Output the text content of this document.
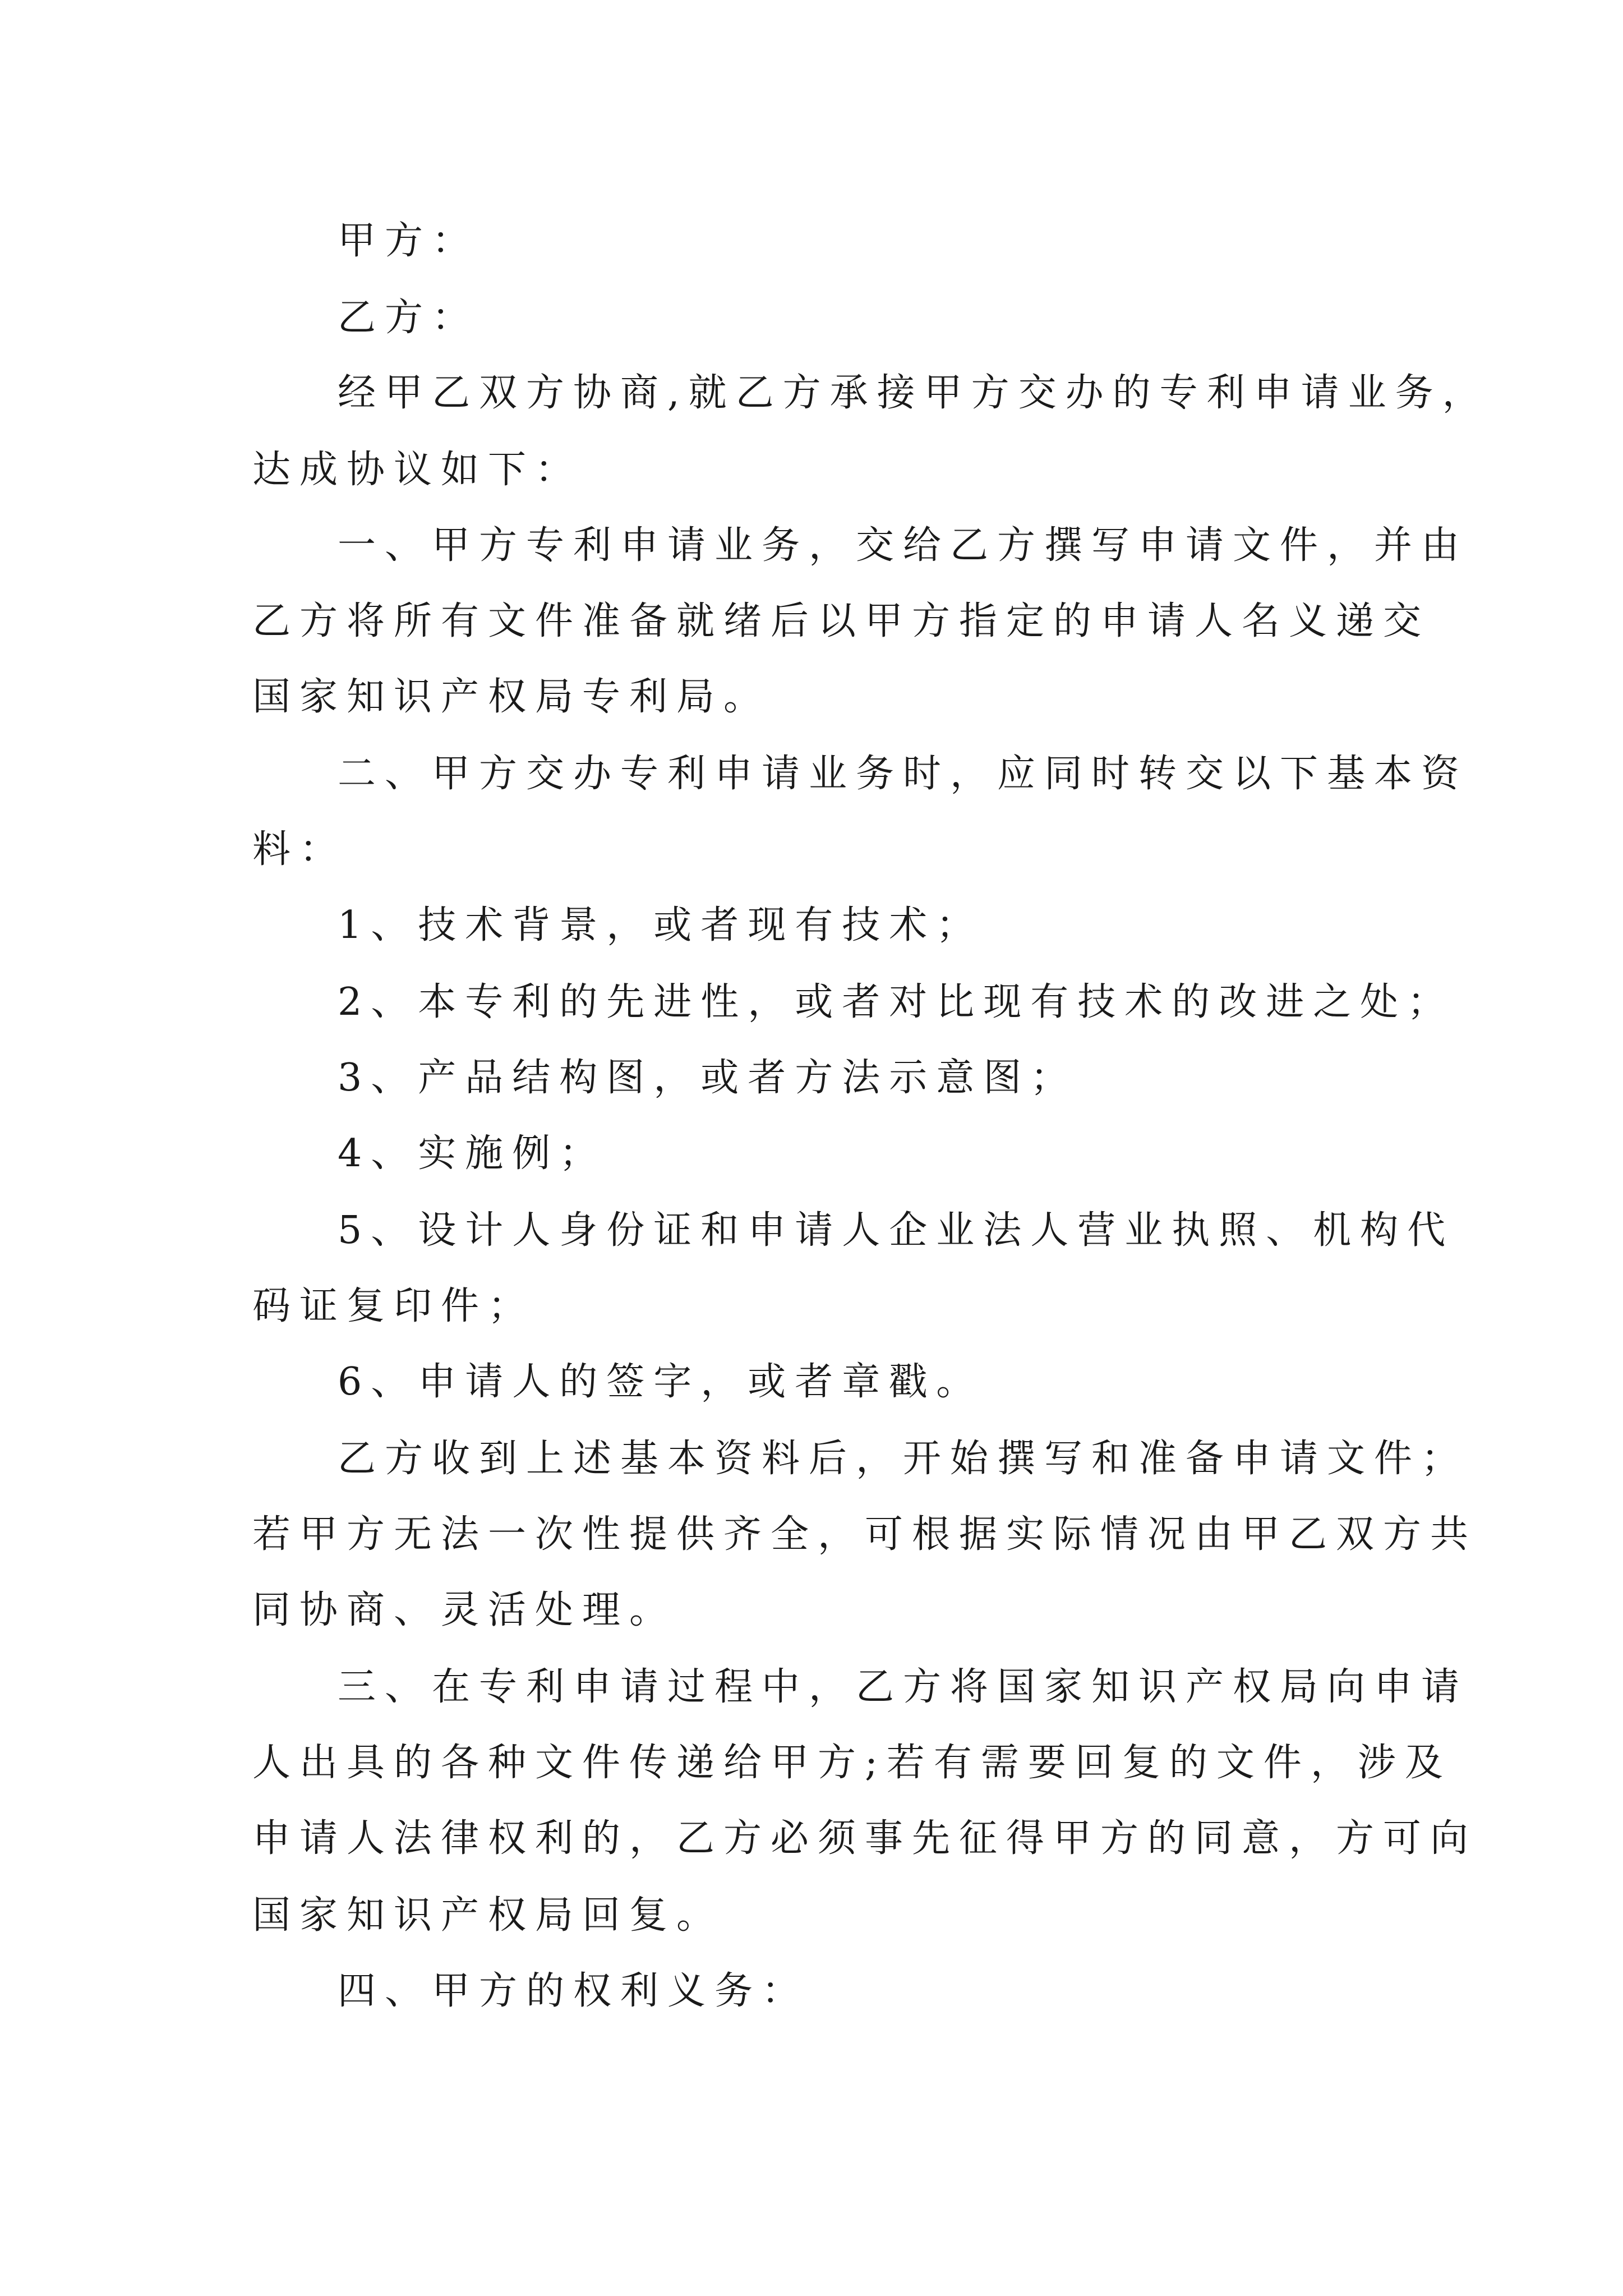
甲方：
乙方：
经甲乙双方协商,就乙方承接甲方交办的专利申请业务，
达成协议如下：
一、甲方专利申请业务，交给乙方撰写申请文件，并由
乙方将所有文件准备就绪后以甲方指定的申请人名义递交
国家知识产权局专利局。
二、甲方交办专利申请业务时，应同时转交以下基本资
料：
1、技术背景，或者现有技术；
2、本专利的先进性，或者对比现有技术的改进之处；
3、产品结构图，或者方法示意图；
4、实施例；
5、设计人身份证和申请人企业法人营业执照、机构代
码证复印件；
6、申请人的签字，或者章戳。
乙方收到上述基本资料后，开始撰写和准备申请文件；
若甲方无法一次性提供齐全，可根据实际情况由甲乙双方共
同协商、灵活处理。
三、在专利申请过程中，乙方将国家知识产权局向申请
人出具的各种文件传递给甲方;若有需要回复的文件，涉及
申请人法律权利的，乙方必须事先征得甲方的同意，方可向
国家知识产权局回复。
四、甲方的权利义务：
